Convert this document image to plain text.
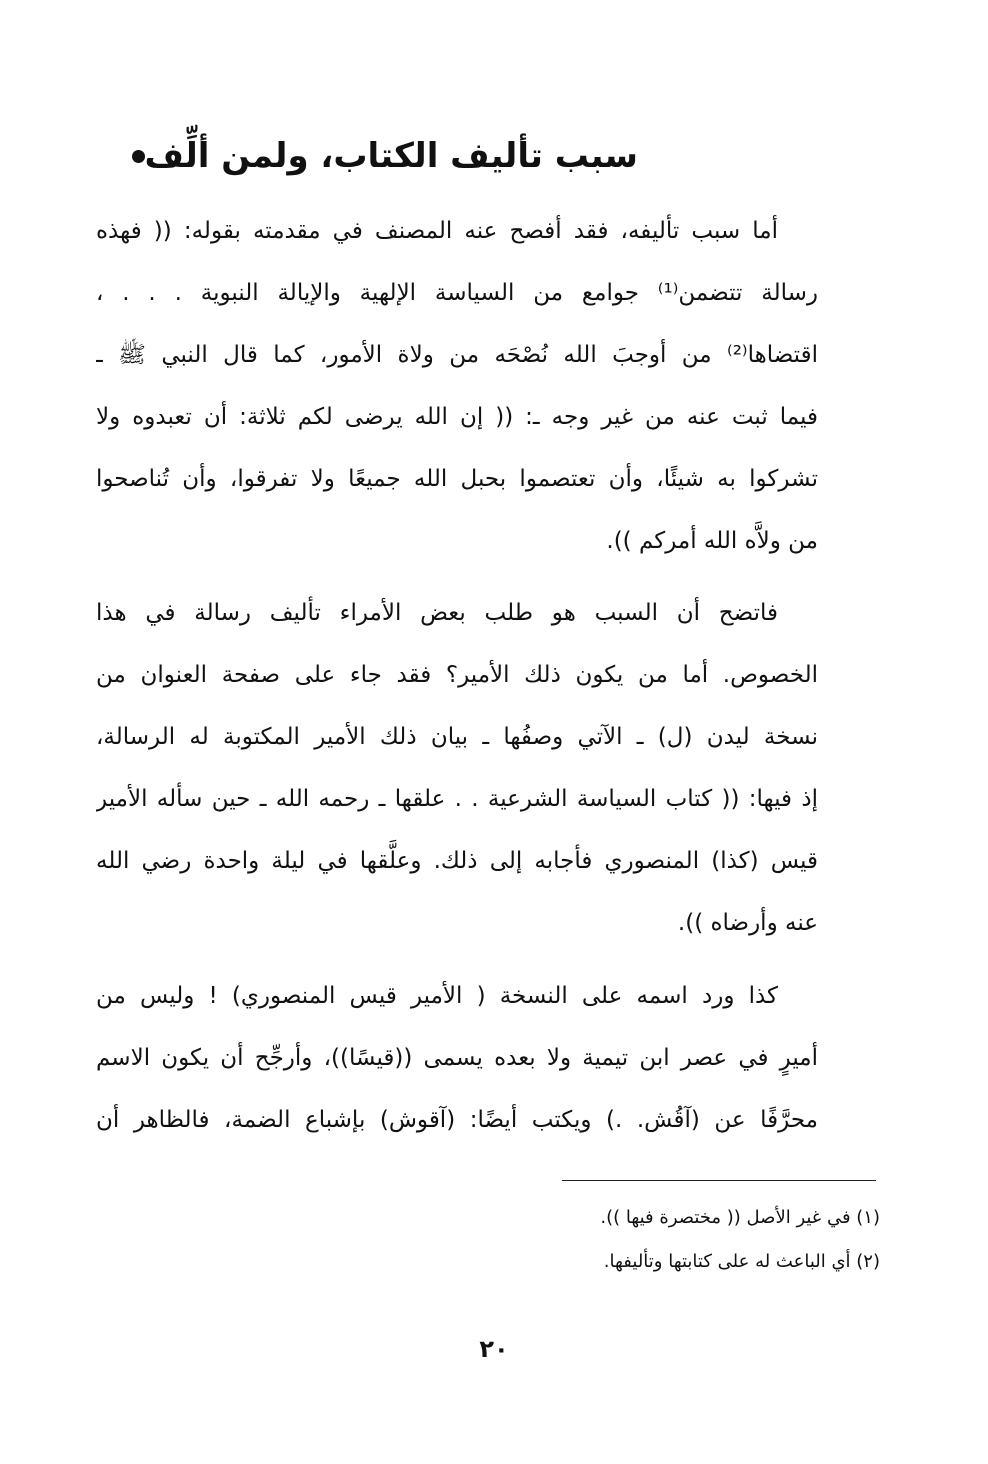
سبب تأليف الكتاب، ولمن ألِّف
أما سبب تأليفه، فقد أفصح عنه المصنف في مقدمته بقوله: (( فهذه
رسالة تتضمن⁽¹⁾ جوامع من السياسة الإلهية والإيالة النبوية . . . ،
اقتضاها⁽²⁾ من أوجبَ الله نُصْحَه من ولاة الأمور، كما قال النبي ﷺ ـ
فيما ثبت عنه من غير وجه ـ: (( إن الله يرضى لكم ثلاثة: أن تعبدوه ولا
تشركوا به شيئًا، وأن تعتصموا بحبل الله جميعًا ولا تفرقوا، وأن تُناصحوا
من ولاَّه الله أمركم )).
فاتضح أن السبب هو طلب بعض الأمراء تأليف رسالة في هذا
الخصوص. أما من يكون ذلك الأمير؟ فقد جاء على صفحة العنوان من
نسخة ليدن (ل) ـ الآتي وصفُها ـ بيان ذلك الأمير المكتوبة له الرسالة،
إذ فيها: (( كتاب السياسة الشرعية . . علقها ـ رحمه الله ـ حين سأله الأمير
قيس (كذا) المنصوري فأجابه إلى ذلك. وعلَّقها في ليلة واحدة رضي الله
عنه وأرضاه )).
كذا ورد اسمه على النسخة ( الأمير قيس المنصوري) ! وليس من
أميرٍ في عصر ابن تيمية ولا بعده يسمى ((قيسًا))، وأرجِّح أن يكون الاسم
محرَّفًا عن (آقُش. .) ويكتب أيضًا: (آقوش) بإشباع الضمة، فالظاهر أن
(١) في غير الأصل (( مختصرة فيها )).
(٢) أي الباعث له على كتابتها وتأليفها.
٢٠
